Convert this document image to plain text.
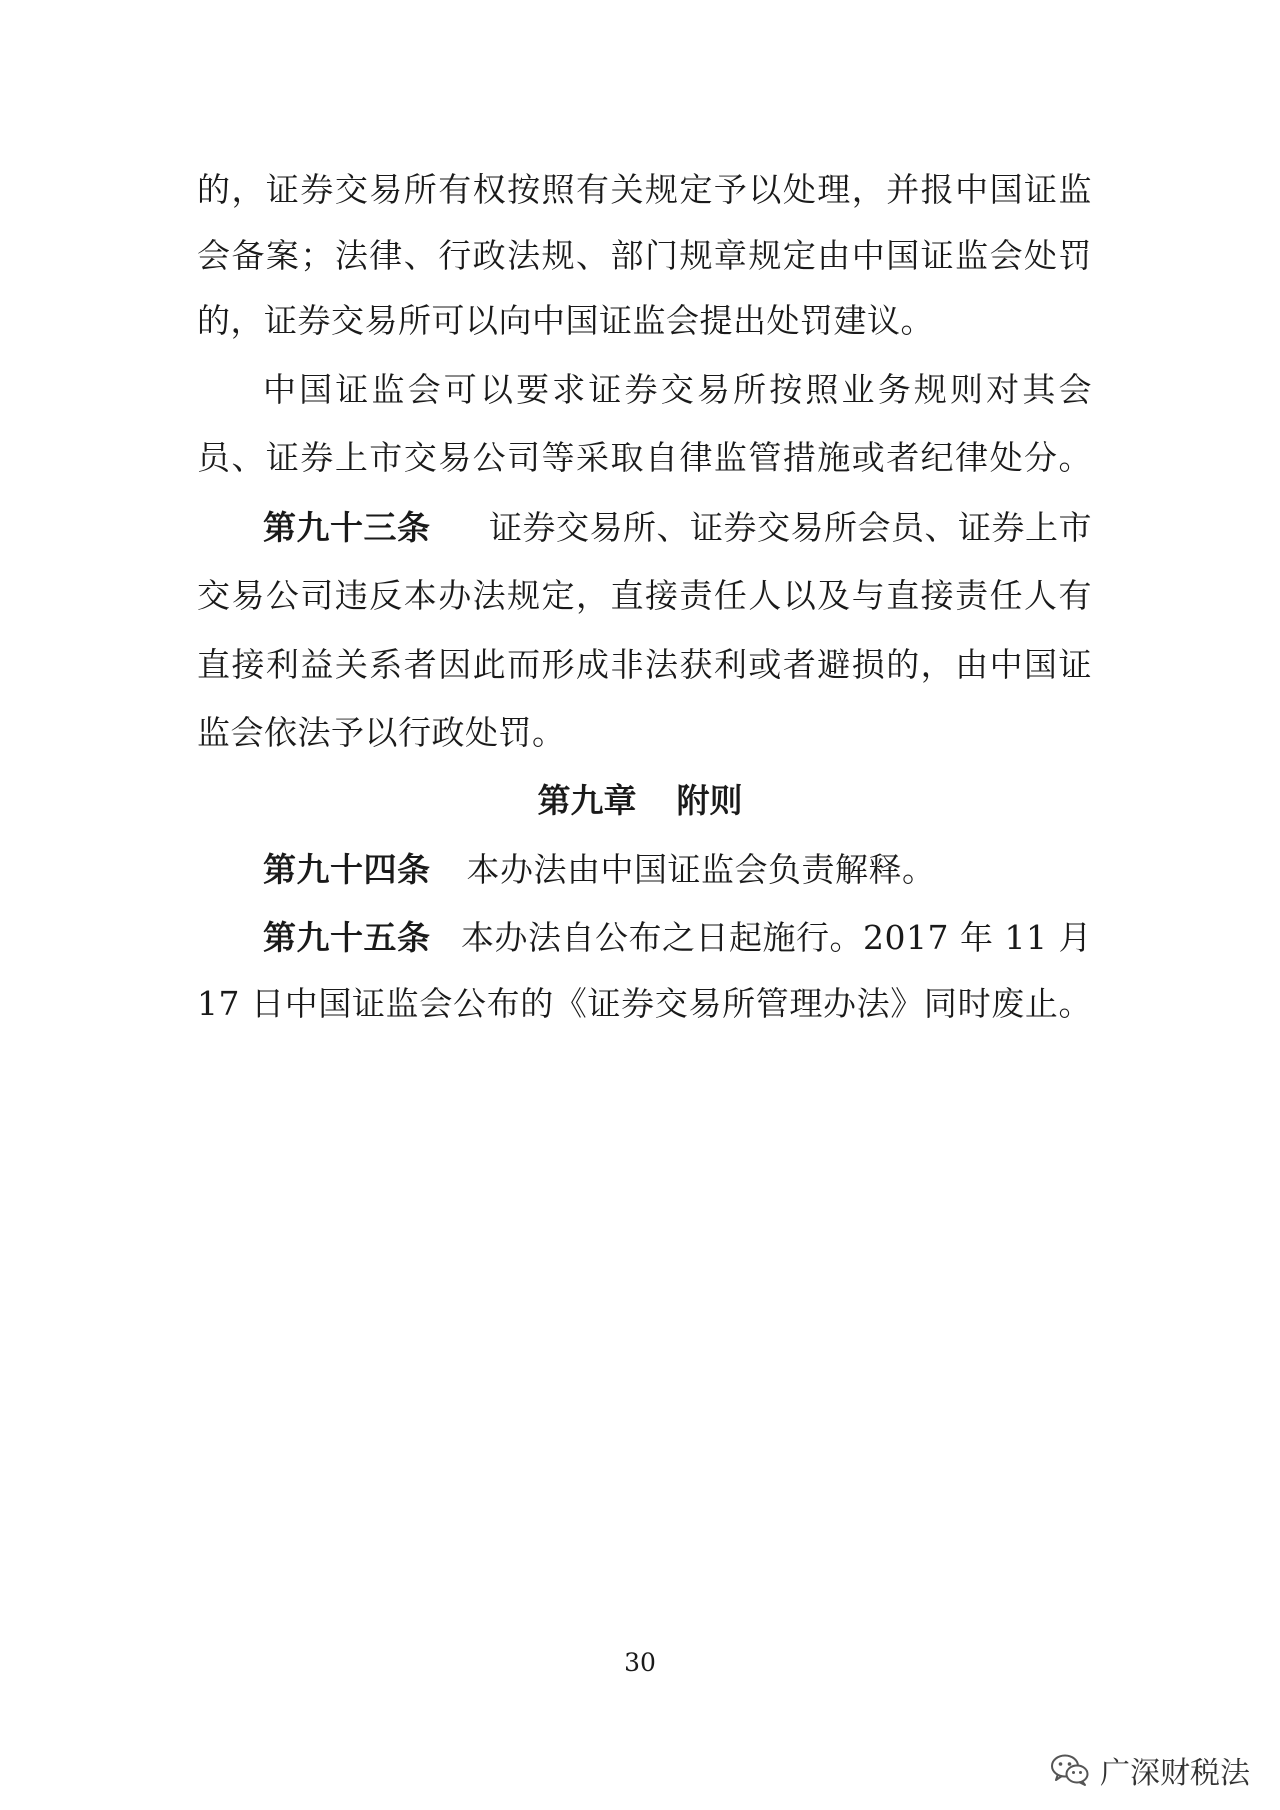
的，证券交易所有权按照有关规定予以处理，并报中国证监
会备案；法律、行政法规、部门规章规定由中国证监会处罚
的，证券交易所可以向中国证监会提出处罚建议。
中国证监会可以要求证券交易所按照业务规则对其会
员、证券上市交易公司等采取自律监管措施或者纪律处分。
第九十三条 证券交易所、证券交易所会员、证券上市
交易公司违反本办法规定，直接责任人以及与直接责任人有
直接利益关系者因此而形成非法获利或者避损的，由中国证
监会依法予以行政处罚。
第九章 附则
第九十四条 本办法由中国证监会负责解释。
第九十五条 本办法自公布之日起施行。2017 年 11 月
17 日中国证监会公布的《证券交易所管理办法》同时废止。
30
广深财税法
